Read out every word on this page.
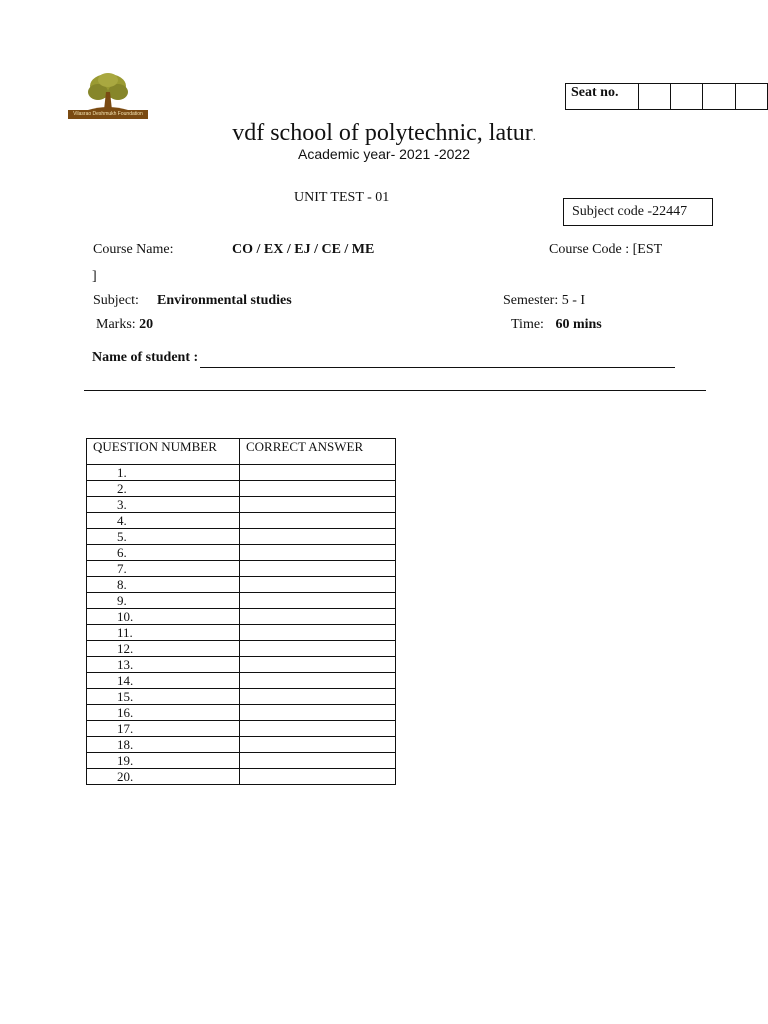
Vilasrao Deshmukh Foundation
Seat no.				
vdf school of polytechnic, latur.
Academic year- 2021 -2022
UNIT TEST - 01
Subject code -22447
Course Name:	CO / EX / EJ / CE / ME	Course Code : [EST
]
Subject: Environmental studies	Semester: 5 - I
Marks: 20	Time: 60 mins
Name of student :
QUESTION NUMBER	CORRECT ANSWER
1.	
2.	
3.	
4.	
5.	
6.	
7.	
8.	
9.	
10.	
11.	
12.	
13.	
14.	
15.	
16.	
17.	
18.	
19.	
20.	
